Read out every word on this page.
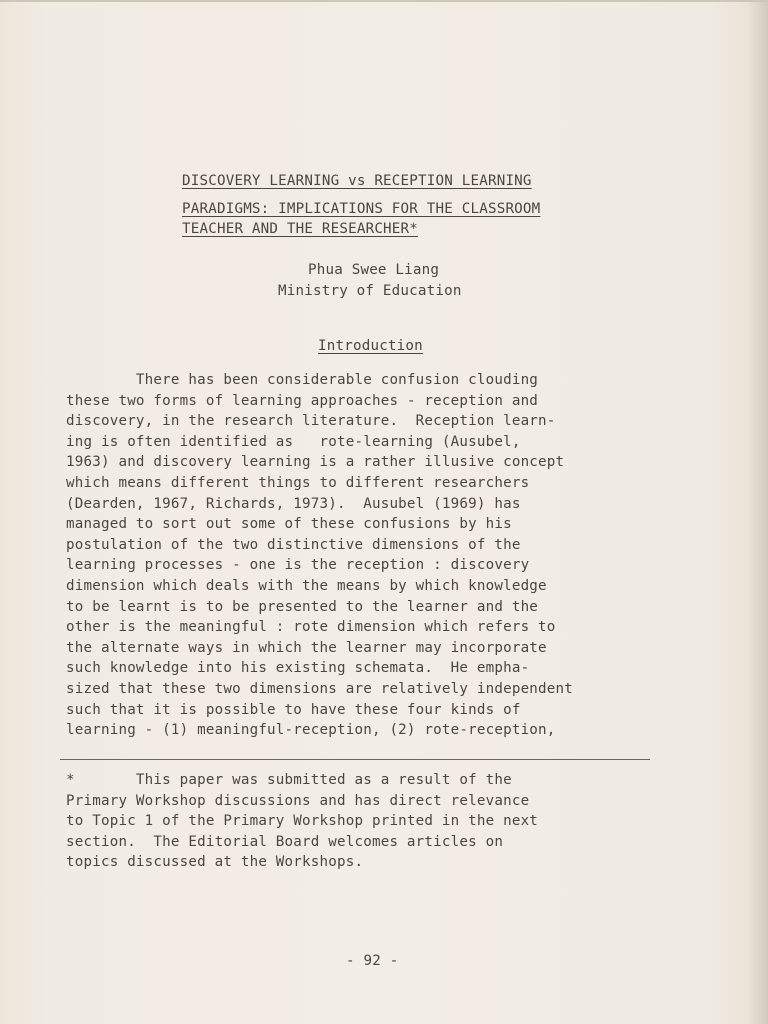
DISCOVERY LEARNING vs RECEPTION LEARNING
PARADIGMS: IMPLICATIONS FOR THE CLASSROOM
TEACHER AND THE RESEARCHER*
Phua Swee Liang
Ministry of Education
Introduction
There has been considerable confusion clouding
these two forms of learning approaches - reception and
discovery, in the research literature.  Reception learn-
ing is often identified as   rote-learning (Ausubel,
1963) and discovery learning is a rather illusive concept
which means different things to different researchers
(Dearden, 1967, Richards, 1973).  Ausubel (1969) has
managed to sort out some of these confusions by his
postulation of the two distinctive dimensions of the
learning processes - one is the reception : discovery
dimension which deals with the means by which knowledge
to be learnt is to be presented to the learner and the
other is the meaningful : rote dimension which refers to
the alternate ways in which the learner may incorporate
such knowledge into his existing schemata.  He empha-
sized that these two dimensions are relatively independent
such that it is possible to have these four kinds of
learning - (1) meaningful-reception, (2) rote-reception,
*       This paper was submitted as a result of the
Primary Workshop discussions and has direct relevance
to Topic 1 of the Primary Workshop printed in the next
section.  The Editorial Board welcomes articles on
topics discussed at the Workshops.
- 92 -
